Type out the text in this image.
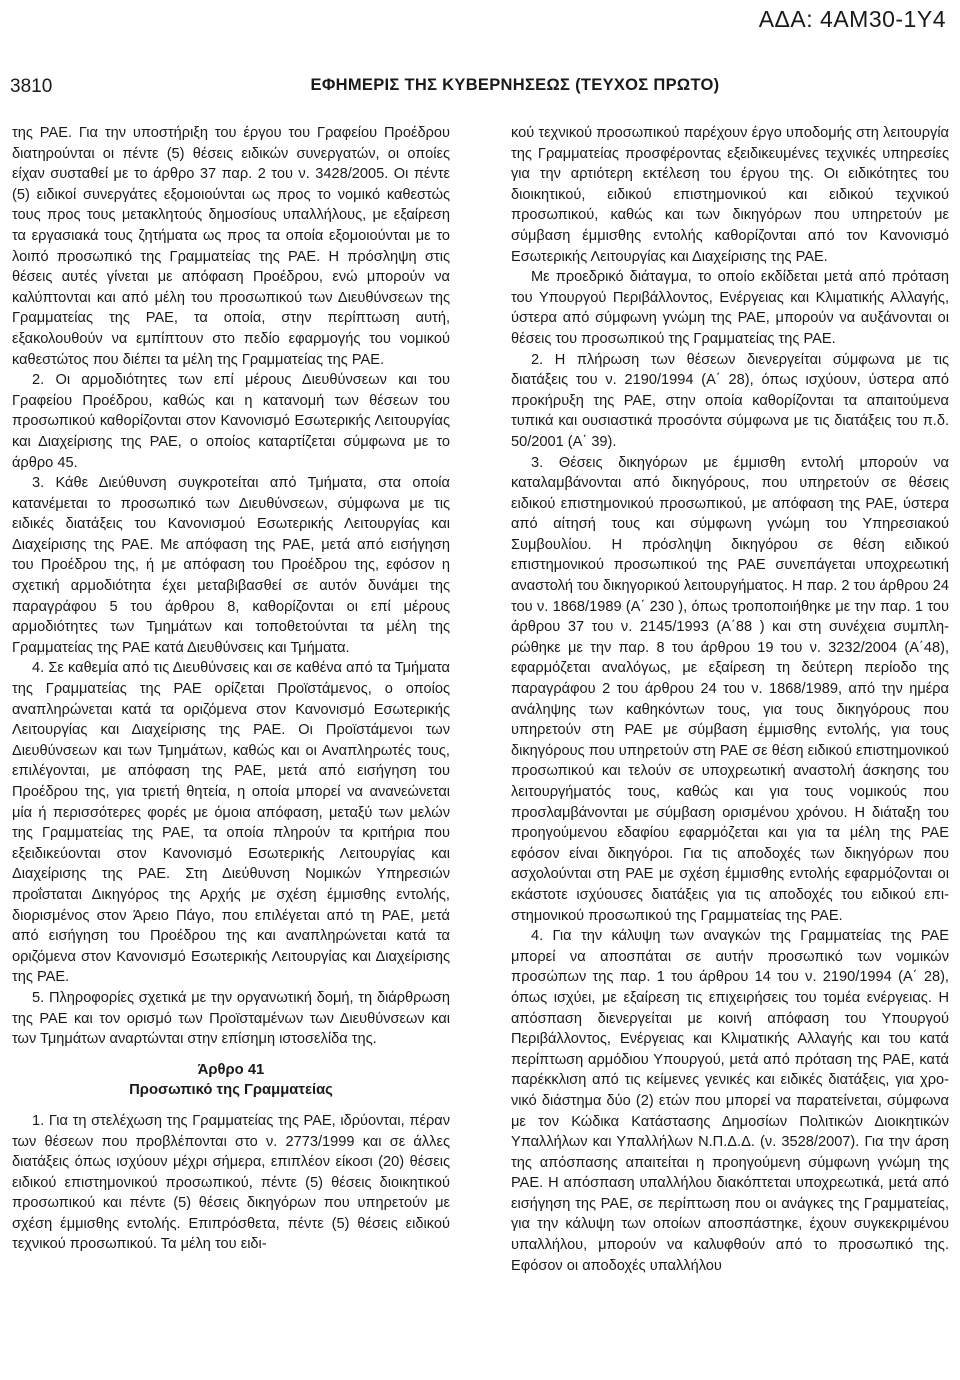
ΑΔΑ: 4ΑΜ30-1Υ4
3810	ΕΦΗΜΕΡΙΣ ΤΗΣ ΚΥΒΕΡΝΗΣΕΩΣ (ΤΕΥΧΟΣ ΠΡΩΤΟ)

της ΡΑΕ. Για την υποστήριξη του έργου του Γραφείου Προέδρου διατηρούνται οι πέντε (5) θέσεις ειδικών συνεργατών, οι οποίες είχαν συσταθεί με το άρθρο 37 παρ. 2 του ν. 3428/2005. Οι πέντε (5) ειδικοί συνεργάτες εξομοιούνται ως προς το νομικό καθεστώς τους προς τους μετακλητούς δημοσίους υπαλλήλους, με εξαίρεση τα εργασιακά τους ζητήματα ως προς τα οποία εξομοιούνται με το λοιπό προσωπικό της Γραμματείας της ΡΑΕ. Η πρόσληψη στις θέσεις αυτές γίνεται με απόφαση Προέδρου, ενώ μπορούν να καλύπτονται και από μέλη του προσωπικού των Διευθύνσεων της Γραμματείας της ΡΑΕ, τα οποία, στην περίπτωση αυτή, εξακολουθούν να εμπίπτουν στο πεδίο εφαρμογής του νομικού καθεστώτος που διέπει τα μέλη της Γραμματείας της ΡΑΕ.

2. Οι αρμοδιότητες των επί μέρους Διευθύνσεων και του Γραφείου Προέδρου, καθώς και η κατανομή των θέσεων του προσωπικού καθορίζονται στον Κανονισμό Εσωτερικής Λειτουργίας και Διαχείρισης της ΡΑΕ, ο οποίος καταρτίζεται σύμφωνα με το άρθρο 45.

3. Κάθε Διεύθυνση συγκροτείται από Τμήματα, στα οποία κατανέμεται το προσωπικό των Διευθύνσεων, σύμφωνα με τις ειδικές διατάξεις του Κανονισμού Εσωτερικής Λειτουργίας και Διαχείρισης της ΡΑΕ. Με απόφαση της ΡΑΕ, μετά από εισήγηση του Προέδρου της, ή με απόφαση του Προέδρου της, εφόσον η σχετική αρμοδιότητα έχει μεταβιβασθεί σε αυτόν δυνάμει της παραγράφου 5 του άρθρου 8, καθορίζονται οι επί μέρους αρμοδιότητες των Τμημάτων και τοποθετούνται τα μέλη της Γραμματείας της ΡΑΕ κατά Διευθύνσεις και Τμήματα.

4. Σε καθεμία από τις Διευθύνσεις και σε καθένα από τα Τμήματα της Γραμματείας της ΡΑΕ ορίζεται Προϊστάμενος, ο οποίος αναπληρώνεται κατά τα οριζόμενα στον Κανονισμό Εσωτερικής Λειτουργίας και Διαχείρισης της ΡΑΕ. Οι Προϊστάμενοι των Διευθύνσεων και των Τμημάτων, καθώς και οι Αναπληρωτές τους, επιλέγονται, με απόφαση της ΡΑΕ, μετά από εισήγηση του Προέδρου της, για τριετή θητεία, η οποία μπορεί να ανανεώνεται μία ή περισσότερες φορές με όμοια απόφαση, μεταξύ των μελών της Γραμματείας της ΡΑΕ, τα οποία πληρούν τα κριτήρια που εξειδικεύονται στον Κανονισμό Εσωτερικής Λειτουργίας και Διαχείρισης της ΡΑΕ. Στη Διεύθυνση Νομικών Υπηρεσιών προΐσταται Δικηγόρος της Αρχής με σχέση έμμισθης εντολής, διορισμένος στον Άρειο Πάγο, που επιλέγεται από τη ΡΑΕ, μετά από εισήγηση του Προέδρου της και αναπληρώνεται κατά τα οριζόμενα στον Κανονισμό Εσωτερικής Λειτουργίας και Διαχείρισης της ΡΑΕ.

5. Πληροφορίες σχετικά με την οργανωτική δομή, τη διάρθρωση της ΡΑΕ και τον ορισμό των Προϊσταμένων των Διευθύνσεων και των Τμημάτων αναρτώνται στην επίσημη ιστοσελίδα της.

Άρθρο 41

Προσωπικό της Γραμματείας

1. Για τη στελέχωση της Γραμματείας της ΡΑΕ, ιδρύονται, πέραν των θέσεων που προβλέπονται στο ν. 2773/1999 και σε άλλες διατάξεις όπως ισχύουν μέχρι σήμερα, επιπλέον είκοσι (20) θέσεις ειδικού επιστημονικού προσωπικού, πέντε (5) θέσεις διοικητικού προσωπικού και πέντε (5) θέσεις δικηγόρων που υπηρετούν με σχέση έμμισθης εντολής. Επιπρόσθετα, πέντε (5) θέσεις ειδικού τεχνικού προσωπικού. Τα μέλη του ειδι-

κού τεχνικού προσωπικού παρέχουν έργο υποδομής στη λειτουργία της Γραμματείας προσφέροντας εξειδικευμένες τεχνικές υπηρεσίες για την αρτιότερη εκτέλεση του έργου της. Οι ειδικότητες του διοικητικού, ειδικού επιστημονικού και ειδικού τεχνικού προσωπικού, καθώς και των δικηγόρων που υπηρετούν με σύμβαση έμμισθης εντολής καθορίζονται από τον Κανονισμό Εσωτερικής Λειτουργίας και Διαχείρισης της ΡΑΕ.

Με προεδρικό διάταγμα, το οποίο εκδίδεται μετά από πρόταση του Υπουργού Περιβάλλοντος, Ενέργειας και Κλιματικής Αλλαγής, ύστερα από σύμφωνη γνώμη της ΡΑΕ, μπορούν να αυξάνονται οι θέσεις του προσωπικού της Γραμματείας της ΡΑΕ.

2. Η πλήρωση των θέσεων διενεργείται σύμφωνα με τις διατάξεις του ν. 2190/1994 (Α΄ 28), όπως ισχύουν, ύστερα από προκήρυξη της ΡΑΕ, στην οποία καθορίζονται τα απαιτούμενα τυπικά και ουσιαστικά προσόντα σύμφωνα με τις διατάξεις του π.δ. 50/2001 (Α΄ 39).

3. Θέσεις δικηγόρων με έμμισθη εντολή μπορούν να καταλαμβάνονται από δικηγόρους, που υπηρετούν σε θέσεις ειδικού επιστημονικού προσωπικού, με απόφαση της ΡΑΕ, ύστερα από αίτησή τους και σύμφωνη γνώμη του Υπηρεσιακού Συμβουλίου. Η πρόσληψη δικηγόρου σε θέση ειδικού επιστημονικού προσωπικού της ΡΑΕ συνεπάγεται υποχρεωτική αναστολή του δικηγορικού λειτουργήματος. Η παρ. 2 του άρθρου 24 του ν. 1868/1989 (Α΄ 230 ), όπως τροποποιήθηκε με την παρ. 1 του άρθρου 37 του ν. 2145/1993 (Α΄88 ) και στη συνέχεια συμπληρώθηκε με την παρ. 8 του άρθρου 19 του ν. 3232/2004 (Α΄48), εφαρμόζεται αναλόγως, με εξαίρεση τη δεύτερη περίοδο της παραγράφου 2 του άρθρου 24 του ν. 1868/1989, από την ημέρα ανάληψης των καθηκόντων τους, για τους δικηγόρους που υπηρετούν στη ΡΑΕ με σύμβαση έμμισθης εντολής, για τους δικηγόρους που υπηρετούν στη ΡΑΕ σε θέση ειδικού επιστημονικού προσωπικού και τελούν σε υποχρεωτική αναστολή άσκησης του λειτουργήματός τους, καθώς και για τους νομικούς που προσλαμβάνονται με σύμβαση ορισμένου χρόνου. Η διάταξη του προηγούμενου εδαφίου εφαρμόζεται και για τα μέλη της ΡΑΕ εφόσον είναι δικηγόροι. Για τις αποδοχές των δικηγόρων που ασχολούνται στη ΡΑΕ με σχέση έμμισθης εντολής εφαρμόζονται οι εκάστοτε ισχύουσες διατάξεις για τις αποδοχές του ειδικού επιστημονικού προσωπικού της Γραμματείας της ΡΑΕ.

4. Για την κάλυψη των αναγκών της Γραμματείας της ΡΑΕ μπορεί να αποσπάται σε αυτήν προσωπικό των νομικών προσώπων της παρ. 1 του άρθρου 14 του ν. 2190/1994 (Α΄ 28), όπως ισχύει, με εξαίρεση τις επιχειρήσεις του τομέα ενέργειας. Η απόσπαση διενεργείται με κοινή απόφαση του Υπουργού Περιβάλλοντος, Ενέργειας και Κλιματικής Αλλαγής και του κατά περίπτωση αρμόδιου Υπουργού, μετά από πρόταση της ΡΑΕ, κατά παρέκκλιση από τις κείμενες γενικές και ειδικές διατάξεις, για χρονικό διάστημα δύο (2) ετών που μπορεί να παρατείνεται, σύμφωνα με τον Κώδικα Κατάστασης Δημοσίων Πολιτικών Διοικητικών Υπαλλήλων και Υπαλλήλων Ν.Π.Δ.Δ. (ν. 3528/2007). Για την άρση της απόσπασης απαιτείται η προηγούμενη σύμφωνη γνώμη της ΡΑΕ. Η απόσπαση υπαλλήλου διακόπτεται υποχρεωτικά, μετά από εισήγηση της ΡΑΕ, σε περίπτωση που οι ανάγκες της Γραμματείας, για την κάλυψη των οποίων αποσπάστηκε, έχουν συγκεκριμένου υπαλλήλου, μπορούν να καλυφθούν από το προσωπικό της. Εφόσον οι αποδοχές υπαλλήλου
